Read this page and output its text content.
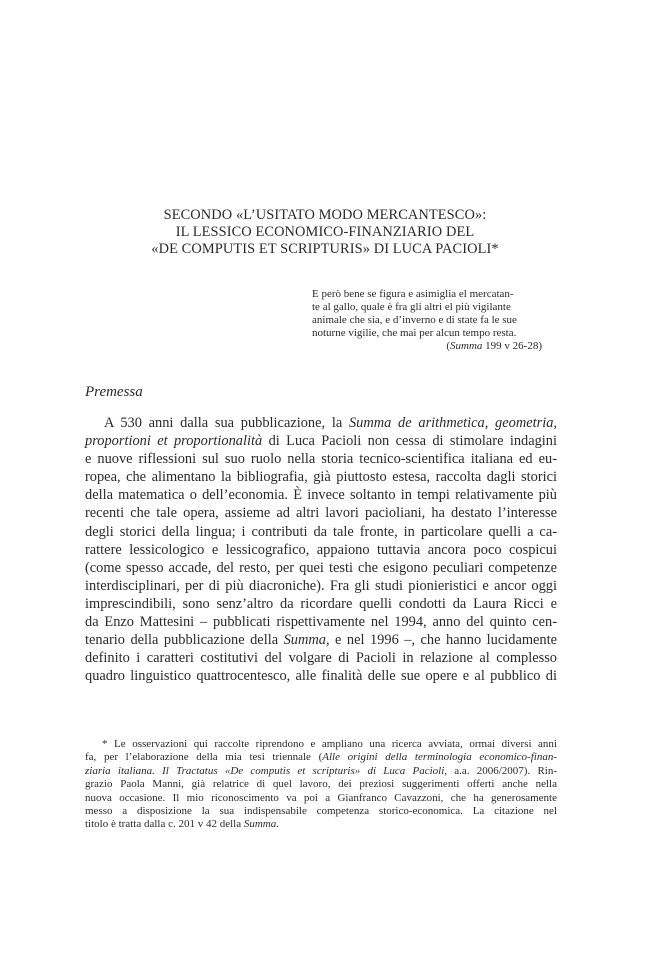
SECONDO «L’USITATO MODO MERCANTESCO»:
IL LESSICO ECONOMICO-FINANZIARIO DEL
«DE COMPUTIS ET SCRIPTURIS» DI LUCA PACIOLI*
E però bene se figura e asimiglia el mercatan-
te al gallo, quale è fra gli altri el più vigilante
animale che sia, e d’inverno e di state fa le sue
noturne vigilie, che mai per alcun tempo resta.
(Summa 199 v 26-28)
Premessa
A 530 anni dalla sua pubblicazione, la Summa de arithmetica, geometria,
proportioni et proportionalità di Luca Pacioli non cessa di stimolare indagini
e nuove riflessioni sul suo ruolo nella storia tecnico-scientifica italiana ed eu-
ropea, che alimentano la bibliografia, già piuttosto estesa, raccolta dagli storici
della matematica o dell’economia. È invece soltanto in tempi relativamente più
recenti che tale opera, assieme ad altri lavori pacioliani, ha destato l’interesse
degli storici della lingua; i contributi da tale fronte, in particolare quelli a ca-
rattere lessicologico e lessicografico, appaiono tuttavia ancora poco cospicui
(come spesso accade, del resto, per quei testi che esigono peculiari competenze
interdisciplinari, per di più diacroniche). Fra gli studi pionieristici e ancor oggi
imprescindibili, sono senz’altro da ricordare quelli condotti da Laura Ricci e
da Enzo Mattesini – pubblicati rispettivamente nel 1994, anno del quinto cen-
tenario della pubblicazione della Summa, e nel 1996 –, che hanno lucidamente
definito i caratteri costitutivi del volgare di Pacioli in relazione al complesso
quadro linguistico quattrocentesco, alle finalità delle sue opere e al pubblico di
* Le osservazioni qui raccolte riprendono e ampliano una ricerca avviata, ormai diversi anni
fa, per l’elaborazione della mia tesi triennale (Alle origini della terminologia economico-finan-
ziaria italiana. Il Tractatus «De computis et scripturis» di Luca Pacioli, a.a. 2006/2007). Rin-
grazio Paola Manni, già relatrice di quel lavoro, dei preziosi suggerimenti offerti anche nella
nuova occasione. Il mio riconoscimento va poi a Gianfranco Cavazzoni, che ha generosamente
messo a disposizione la sua indispensabile competenza storico-economica. La citazione nel
titolo è tratta dalla c. 201 v 42 della Summa.
